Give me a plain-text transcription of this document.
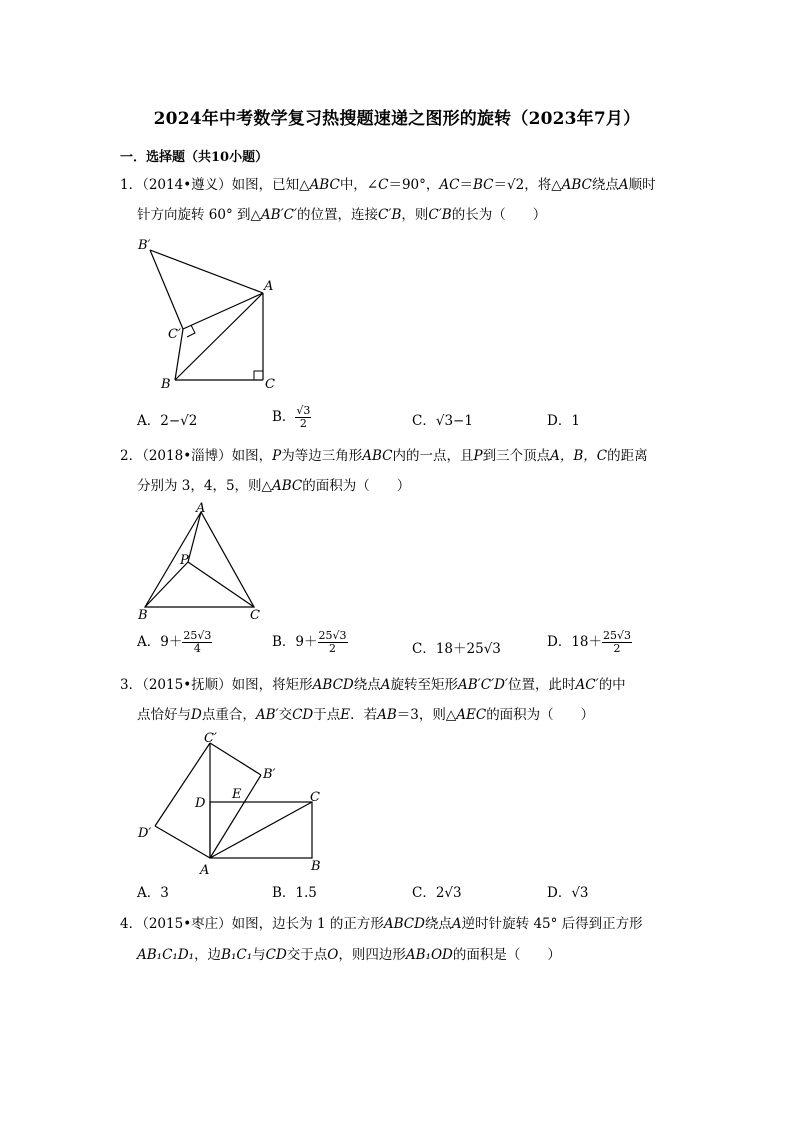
2024年中考数学复习热搜题速递之图形的旋转（2023年7月）
一．选择题（共10小题）
1．（2014•遵义）如图，已知△ABC中，∠C＝90°，AC＝BC＝√2，将△ABC绕点A顺时
针方向旋转 60° 到△AB′C′的位置，连接C′B，则C′B的长为（　　）
B′
A
C′
B	C
A．2−√2	B． $\frac{√3}{2}$	C．√3−1	D．1
2．（2018•淄博）如图，P为等边三角形ABC内的一点，且P到三个顶点A，B，C的距离
分别为 3，4，5，则△ABC的面积为（　　）
A
P
B	C
A．$9+ \frac{25√3}{4}$	B．$9+ \frac{25√3}{2}$	C．18＋25√3	D．$18+ \frac{25√3}{2}$
3．（2015•抚顺）如图，将矩形ABCD绕点A旋转至矩形AB′C′D′位置，此时AC′的中
点恰好与D点重合，AB′交CD于点E．若AB＝3，则△AEC的面积为（　　）
C′
B′
D
E	C
D′
A	B
A．3	B．1.5	C．2√3	D．√3
4．（2015•枣庄）如图，边长为 1 的正方形ABCD绕点A逆时针旋转 45° 后得到正方形
AB₁C₁D₁，边B₁C₁与CD交于点O，则四边形AB₁OD的面积是（　　）
